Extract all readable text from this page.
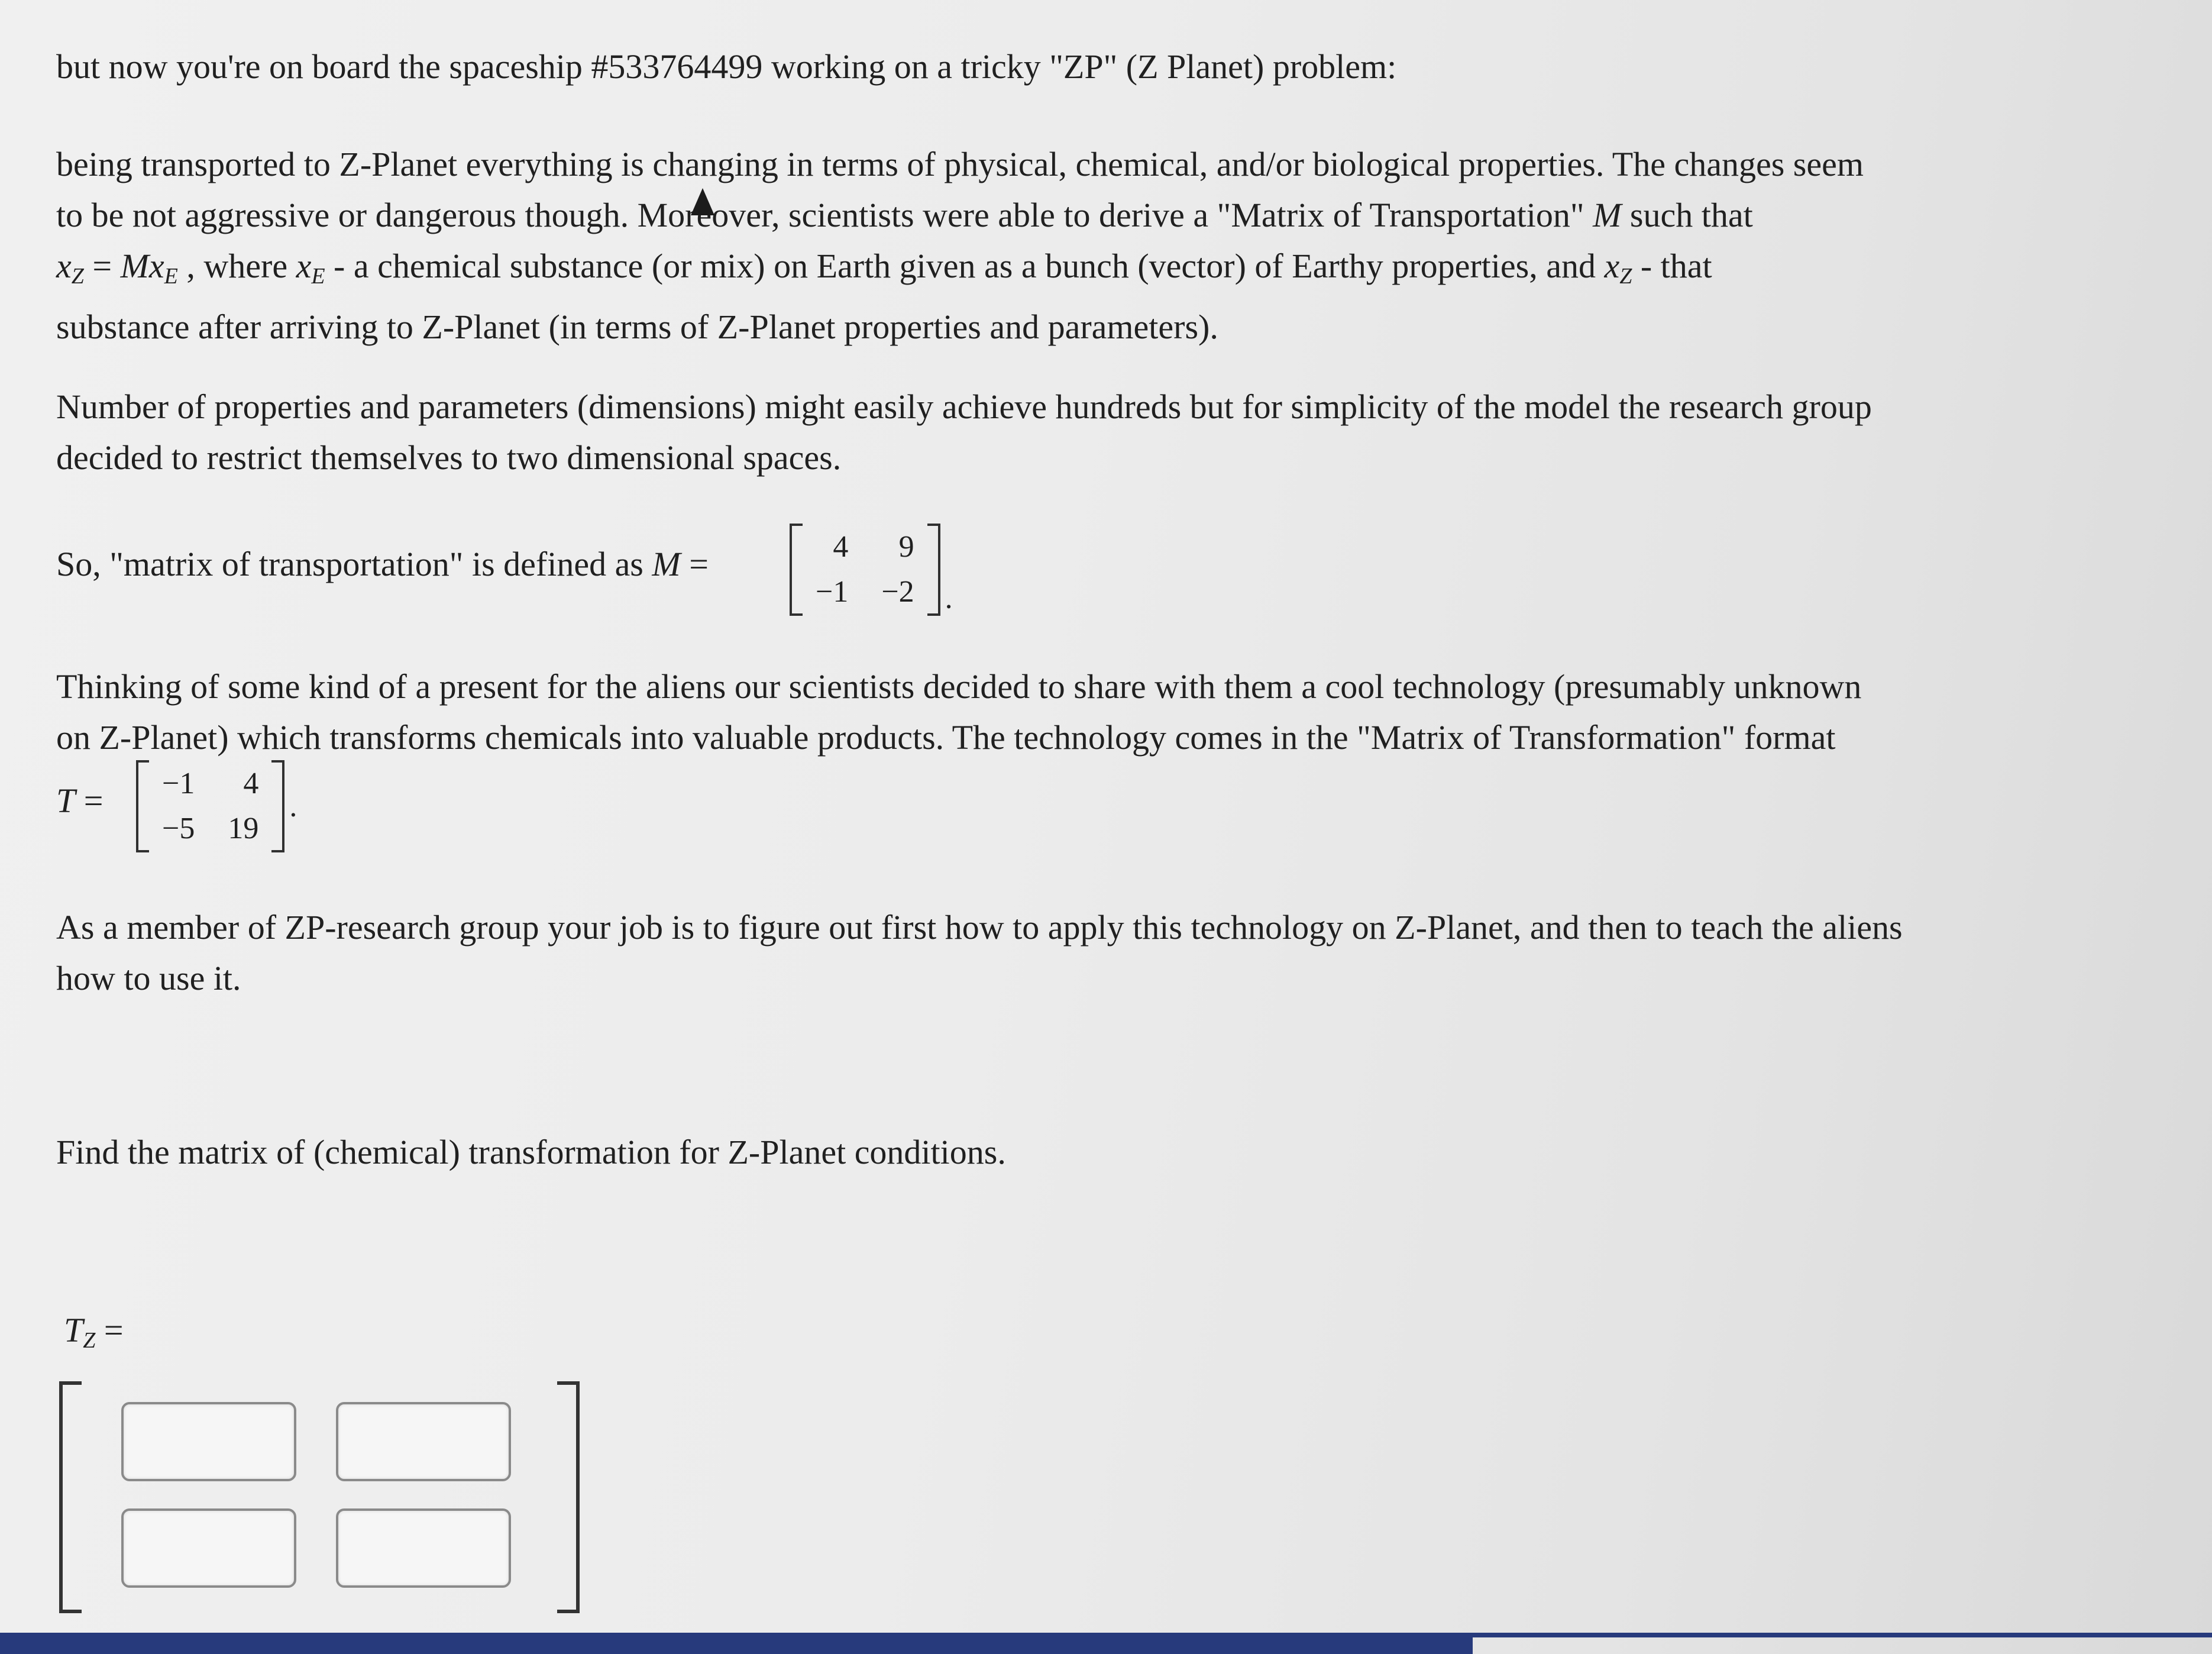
but now you're on board the spaceship #533764499 working on a tricky "ZP" (Z Planet) problem:
being transported to Z-Planet everything is changing in terms of physical, chemical, and/or biological properties. The changes seem
to be not aggressive or dangerous though. Moreover, scientists were able to derive a "Matrix of Transportation" M such that
$x_Z = Mx_E$ , where $x_E$ - a chemical substance (or mix) on Earth given as a bunch (vector) of Earthy properties, and $x_Z$ - that
substance after arriving to Z-Planet (in terms of Z-Planet properties and parameters).
Number of properties and parameters (dimensions) might easily achieve hundreds but for simplicity of the model the research group
decided to restrict themselves to two dimensional spaces.
So, "matrix of transportation" is defined as M =	4	9
−1 −2 .
Thinking of some kind of a present for the aliens our scientists decided to share with them a cool technology (presumably unknown
on Z-Planet) which transforms chemicals into valuable products. The technology comes in the "Matrix of Transformation" format
T = −1	4
−5 19
.
As a member of ZP-research group your job is to figure out first how to apply this technology on Z-Planet, and then to teach the aliens
how to use it.
Find the matrix of (chemical) transformation for Z-Planet conditions.
$T_Z$ =
